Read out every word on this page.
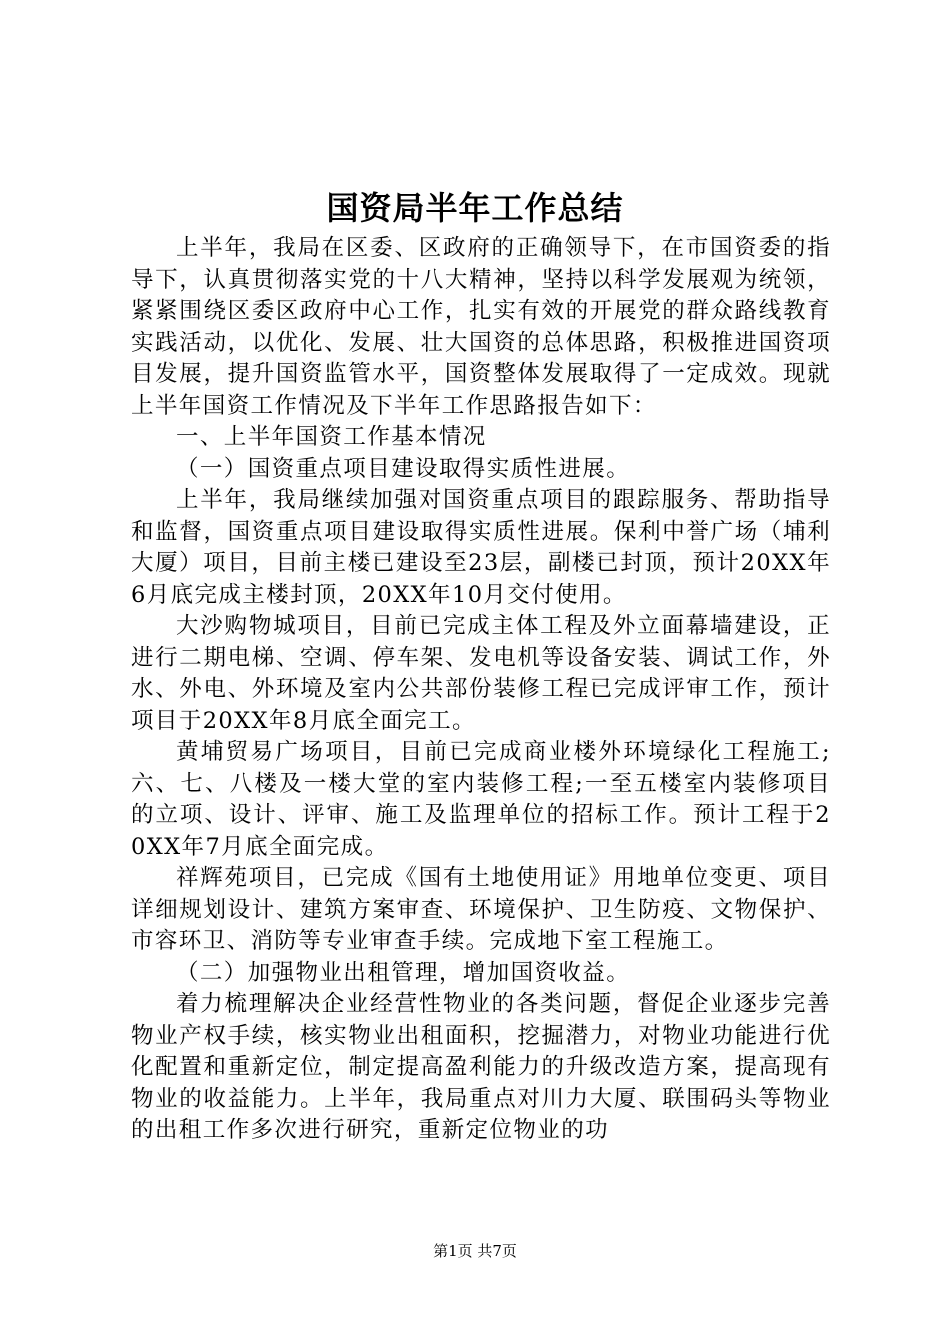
国资局半年工作总结

上半年，我局在区委、区政府的正确领导下，在市国资委的指导下，认真贯彻落实党的十八大精神，坚持以科学发展观为统领，紧紧围绕区委区政府中心工作，扎实有效的开展党的群众路线教育实践活动，以优化、发展、壮大国资的总体思路，积极推进国资项目发展，提升国资监管水平，国资整体发展取得了一定成效。现就上半年国资工作情况及下半年工作思路报告如下：

一、上半年国资工作基本情况

（一）国资重点项目建设取得实质性进展。

上半年，我局继续加强对国资重点项目的跟踪服务、帮助指导和监督，国资重点项目建设取得实质性进展。保利中誉广场（埔利大厦）项目，目前主楼已建设至23层，副楼已封顶，预计20XX年6月底完成主楼封顶，20XX年10月交付使用。

大沙购物城项目，目前已完成主体工程及外立面幕墙建设，正进行二期电梯、空调、停车架、发电机等设备安装、调试工作，外水、外电、外环境及室内公共部份装修工程已完成评审工作，预计项目于20XX年8月底全面完工。

黄埔贸易广场项目，目前已完成商业楼外环境绿化工程施工;六、七、八楼及一楼大堂的室内装修工程;一至五楼室内装修项目的立项、设计、评审、施工及监理单位的招标工作。预计工程于20XX年7月底全面完成。

祥辉苑项目，已完成《国有土地使用证》用地单位变更、项目详细规划设计、建筑方案审查、环境保护、卫生防疫、文物保护、市容环卫、消防等专业审查手续。完成地下室工程施工。

（二）加强物业出租管理，增加国资收益。

着力梳理解决企业经营性物业的各类问题，督促企业逐步完善物业产权手续，核实物业出租面积，挖掘潜力，对物业功能进行优化配置和重新定位，制定提高盈利能力的升级改造方案，提高现有物业的收益能力。上半年，我局重点对川力大厦、联围码头等物业的出租工作多次进行研究，重新定位物业的功

第1页 共7页
